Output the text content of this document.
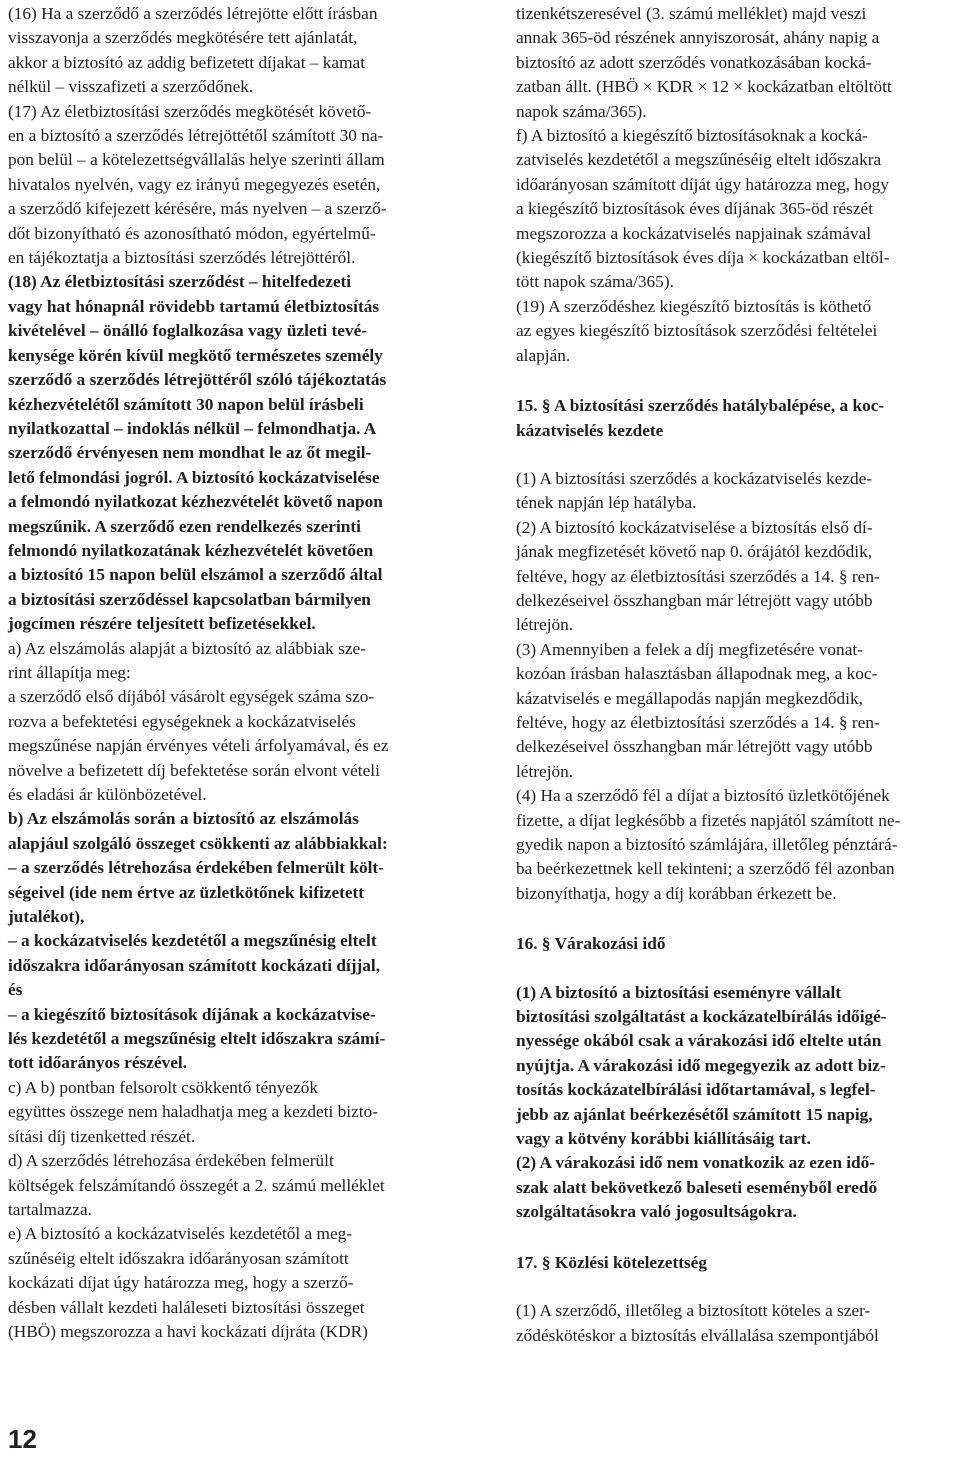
(16) Ha a szerződő a szerződés létrejötte előtt írásban
visszavonja a szerződés megkötésére tett ajánlatát,
akkor a biztosító az addig befizetett díjakat – kamat
nélkül – visszafizeti a szerződőnek.

(17) Az életbiztosítási szerződés megkötését követő-
en a biztosító a szerződés létrejöttétől számított 30 na-
pon belül – a kötelezettségvállalás helye szerinti állam
hivatalos nyelvén, vagy ez irányú megegyezés esetén,
a szerződő kifejezett kérésére, más nyelven – a szerző-
dőt bizonyítható és azonosítható módon, egyértelmű-
en tájékoztatja a biztosítási szerződés létrejöttéről.

(18) Az életbiztosítási szerződést – hitelfedezeti
vagy hat hónapnál rövidebb tartamú életbiztosítás
kivételével – önálló foglalkozása vagy üzleti tevé-
kenysége körén kívül megkötő természetes személy
szerződő a szerződés létrejöttéről szóló tájékoztatás
kézhezvételétől számított 30 napon belül írásbeli
nyilatkozattal – indoklás nélkül – felmondhatja. A
szerződő érvényesen nem mondhat le az őt megil-
lető felmondási jogról. A biztosító kockázatviselése
a felmondó nyilatkozat kézhezvételét követő napon
megszűnik. A szerződő ezen rendelkezés szerinti
felmondó nyilatkozatának kézhezvételét követően
a biztosító 15 napon belül elszámol a szerződő által
a biztosítási szerződéssel kapcsolatban bármilyen
jogcímen részére teljesített befizetésekkel.

a) Az elszámolás alapját a biztosító az alábbiak sze-
rint állapítja meg:
a szerződő első díjából vásárolt egységek száma szo-
rozva a befektetési egységeknek a kockázatviselés
megszűnése napján érvényes vételi árfolyamával, és ez
növelve a befizetett díj befektetése során elvont vételi
és eladási ár különbözetével.

b) Az elszámolás során a biztosító az elszámolás
alapjául szolgáló összeget csökkenti az alábbiakkal:
– a szerződés létrehozása érdekében felmerült költ-
ségeivel (ide nem értve az üzletkötőnek kifizetett
jutalékot),
– a kockázatviselés kezdetétől a megszűnésig eltelt
időszakra időarányosan számított kockázati díjjal,
és
– a kiegészítő biztosítások díjának a kockázatvise-
lés kezdetétől a megszűnésig eltelt időszakra számí-
tott időarányos részével.

c) A b) pontban felsorolt csökkentő tényezők
együttes összege nem haladhatja meg a kezdeti bizto-
sítási díj tizenketted részét.

d) A szerződés létrehozása érdekében felmerült
költségek felszámítandó összegét a 2. számú melléklet
tartalmazza.

e) A biztosító a kockázatviselés kezdetétől a meg-
szűnéséig eltelt időszakra időarányosan számított
kockázati díjat úgy határozza meg, hogy a szerző-
désben vállalt kezdeti haláleseti biztosítási összeget
(HBÖ) megszorozza a havi kockázati díjráta (KDR)

tizenkétszeresével (3. számú melléklet) majd veszi
annak 365-öd részének annyiszorosát, ahány napig a
biztosító az adott szerződés vonatkozásában kocká-
zatban állt. (HBÖ × KDR × 12 × kockázatban eltöltött
napok száma/365).

f) A biztosító a kiegészítő biztosításoknak a kocká-
zatviselés kezdetétől a megszűnéséig eltelt időszakra
időarányosan számított díját úgy határozza meg, hogy
a kiegészítő biztosítások éves díjának 365-öd részét
megszorozza a kockázatviselés napjainak számával
(kiegészítő biztosítások éves díja × kockázatban eltöl-
tött napok száma/365).

(19) A szerződéshez kiegészítő biztosítás is köthető
az egyes kiegészítő biztosítások szerződési feltételei
alapján.

15. § A biztosítási szerződés hatálybalépése, a koc-
kázatviselés kezdete

(1) A biztosítási szerződés a kockázatviselés kezde-
tének napján lép hatályba.

(2) A biztosító kockázatviselése a biztosítás első dí-
jának megfizetését követő nap 0. órájától kezdődik,
feltéve, hogy az életbiztosítási szerződés a 14. § ren-
delkezéseivel összhangban már létrejött vagy utóbb
létrejön.

(3) Amennyiben a felek a díj megfizetésére vonat-
kozóan írásban halasztásban állapodnak meg, a koc-
kázatviselés e megállapodás napján megkezdődik,
feltéve, hogy az életbiztosítási szerződés a 14. § ren-
delkezéseivel összhangban már létrejött vagy utóbb
létrejön.

(4) Ha a szerződő fél a díjat a biztosító üzletkötőjének
fizette, a díjat legkésőbb a fizetés napjától számított ne-
gyedik napon a biztosító számlájára, illetőleg pénztárá-
ba beérkezettnek kell tekinteni; a szerződő fél azonban
bizonyíthatja, hogy a díj korábban érkezett be.

16. § Várakozási idő

(1) A biztosító a biztosítási eseményre vállalt
biztosítási szolgáltatást a kockázatelbírálás időigé-
nyessége okából csak a várakozási idő eltelte után
nyújtja. A várakozási idő megegyezik az adott biz-
tosítás kockázatelbírálási időtartamával, s legfel-
jebb az ajánlat beérkezésétől számított 15 napig,
vagy a kötvény korábbi kiállításáig tart.

(2) A várakozási idő nem vonatkozik az ezen idő-
szak alatt bekövetkező baleseti eseményből eredő
szolgáltatásokra való jogosultságokra.

17. § Közlési kötelezettség

(1) A szerződő, illetőleg a biztosított köteles a szer-
ződéskötéskor a biztosítás elvállalása szempontjából

12
